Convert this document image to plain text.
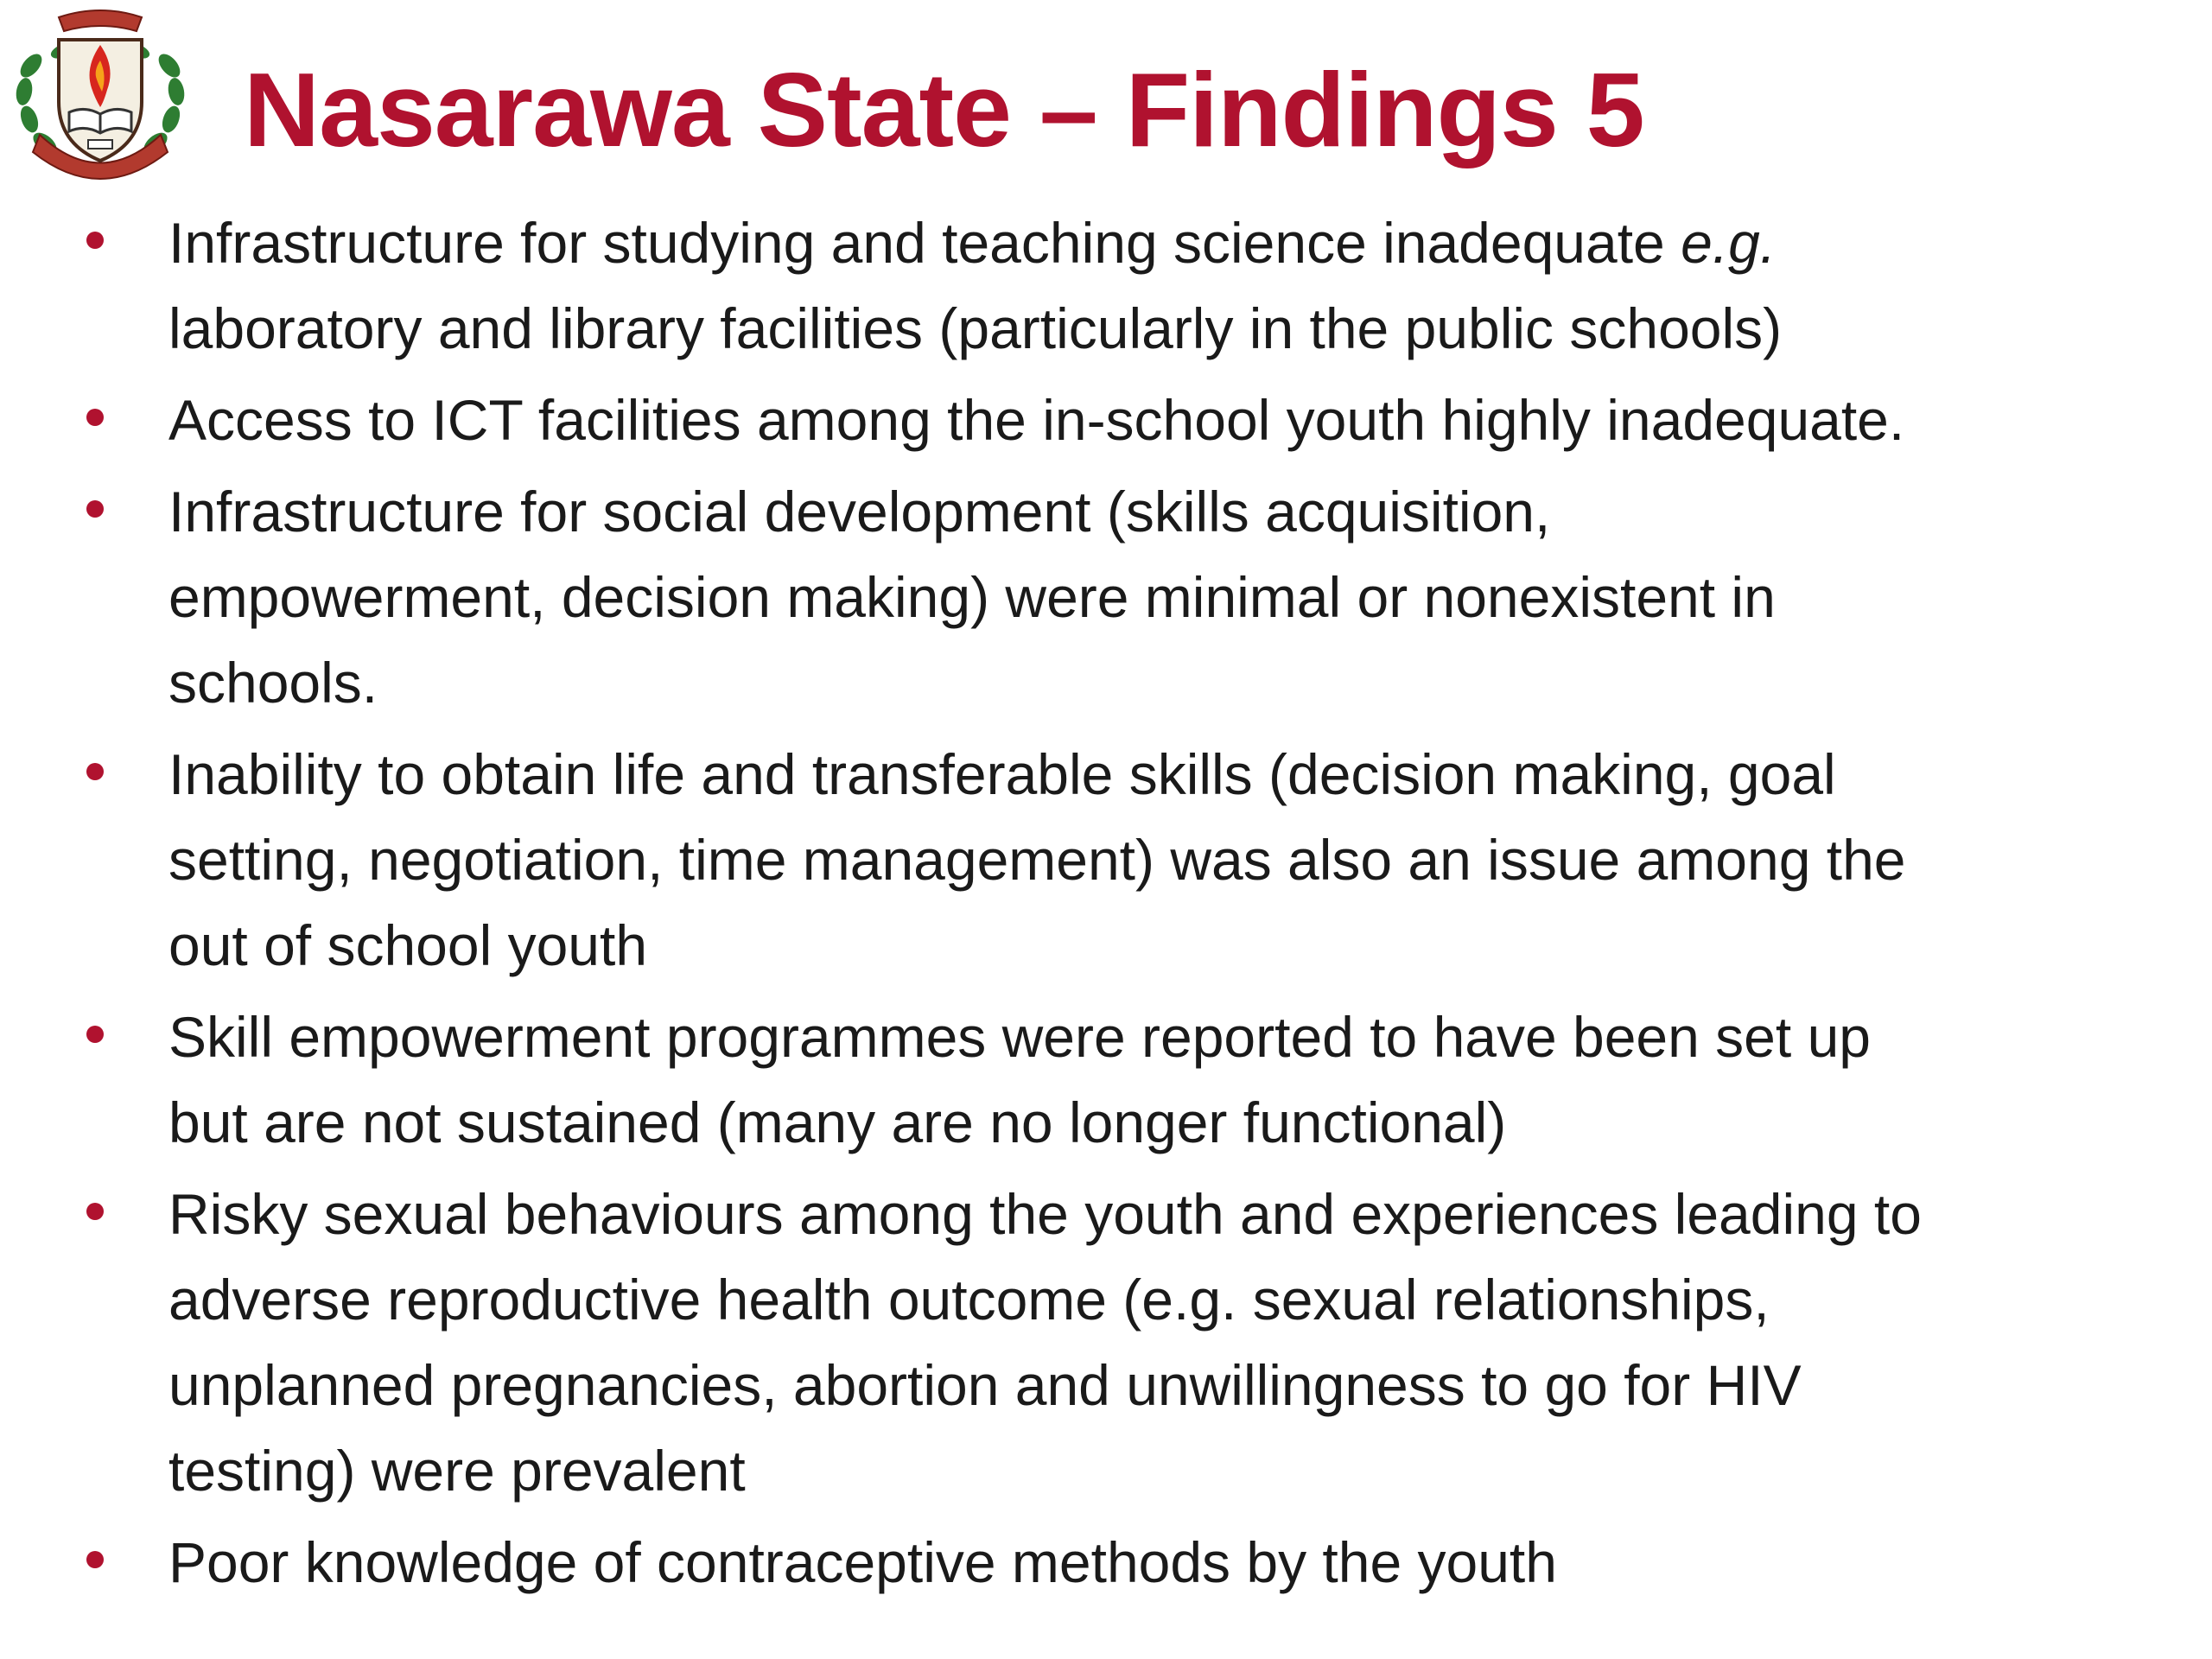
Nasarawa State – Findings 5
Infrastructure for studying and teaching science inadequate e.g.
laboratory and library facilities (particularly in the public schools)
Access to ICT facilities among the in-school youth highly inadequate.
Infrastructure for social development (skills acquisition,
empowerment, decision making) were minimal or nonexistent in
schools.
Inability to obtain life and transferable skills (decision making, goal
setting, negotiation, time management) was also an issue among the
out of school youth
Skill empowerment programmes were reported to have been set up
but are not sustained (many are no longer functional)
Risky sexual behaviours among the youth and experiences leading to
adverse reproductive health outcome (e.g. sexual relationships,
unplanned pregnancies, abortion and unwillingness to go for HIV
testing) were prevalent
Poor knowledge of contraceptive methods by the youth
